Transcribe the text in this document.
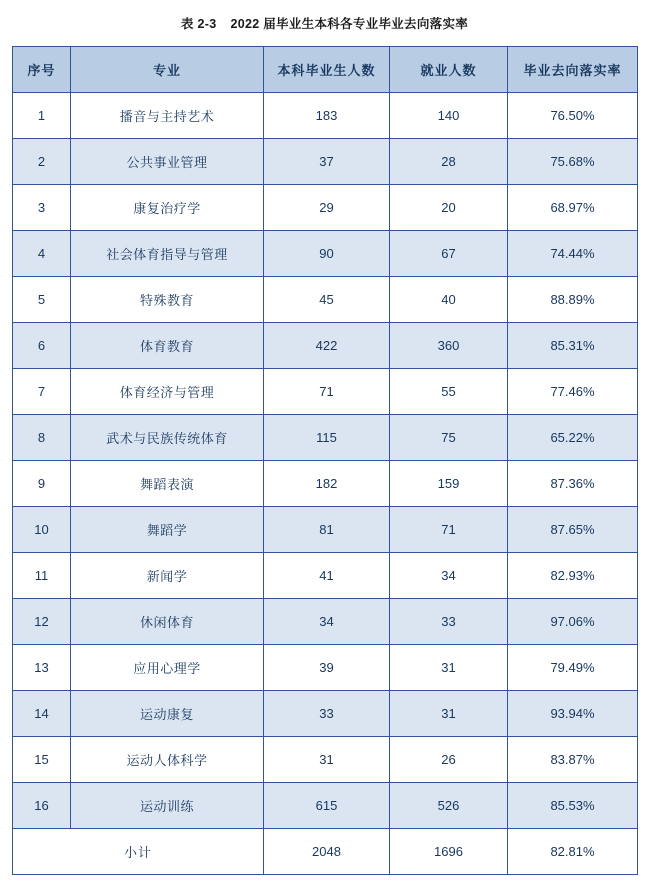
表 2-3 2022 届毕业生本科各专业毕业去向落实率
序号	专业	本科毕业生人数	就业人数	毕业去向落实率
1	播音与主持艺术	183	140	76.50%
2	公共事业管理	37	28	75.68%
3	康复治疗学	29	20	68.97%
4	社会体育指导与管理	90	67	74.44%
5	特殊教育	45	40	88.89%
6	体育教育	422	360	85.31%
7	体育经济与管理	71	55	77.46%
8	武术与民族传统体育	115	75	65.22%
9	舞蹈表演	182	159	87.36%
10	舞蹈学	81	71	87.65%
11	新闻学	41	34	82.93%
12	休闲体育	34	33	97.06%
13	应用心理学	39	31	79.49%
14	运动康复	33	31	93.94%
15	运动人体科学	31	26	83.87%
16	运动训练	615	526	85.53%
小计		2048	1696	82.81%
